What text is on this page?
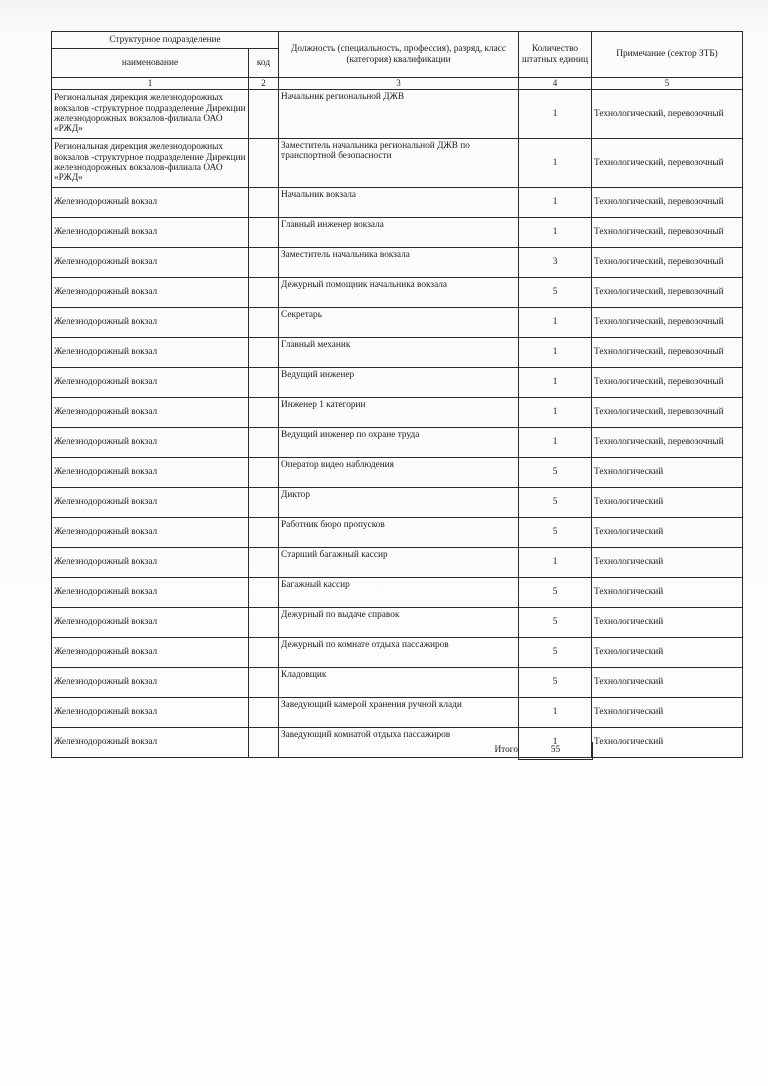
Структурное подразделение		Должность (специальность, профессия), разряд, класс (категория) квалификации	Количество штатных единиц	Примечание (сектор ЗТБ)
наименование	код			
1	2	3	4	5
Региональная дирекция железнодорожных вокзалов -структурное подразделение Дирекции железнодорожных вокзалов-филиала ОАО «РЖД»		Начальник региональной ДЖВ	1	Технологический, перевозочный
Региональная дирекция железнодорожных вокзалов -структурное подразделение Дирекции железнодорожных вокзалов-филиала ОАО «РЖД»		Заместитель начальника региональной ДЖВ по транспортной безопасности	1	Технологический, перевозочный
Железнодорожный вокзал		Начальник вокзала	1	Технологический, перевозочный
Железнодорожный вокзал		Главный инженер вокзала	1	Технологический, перевозочный
Железнодорожный вокзал		Заместитель начальника вокзала	3	Технологический, перевозочный
Железнодорожный вокзал		Дежурный помощник начальника вокзала	5	Технологический, перевозочный
Железнодорожный вокзал		Секретарь	1	Технологический, перевозочный
Железнодорожный вокзал		Главный механик	1	Технологический, перевозочный
Железнодорожный вокзал		Ведущий инженер	1	Технологический, перевозочный
Железнодорожный вокзал		Инженер 1 категории	1	Технологический, перевозочный
Железнодорожный вокзал		Ведущий инженер по охране труда	1	Технологический, перевозочный
Железнодорожный вокзал		Оператор видео наблюдения	5	Технологический
Железнодорожный вокзал		Диктор	5	Технологический
Железнодорожный вокзал		Работник бюро пропусков	5	Технологический
Железнодорожный вокзал		Старший багажный кассир	1	Технологический
Железнодорожный вокзал		Багажный кассир	5	Технологический
Железнодорожный вокзал		Дежурный по выдаче справок	5	Технологический
Железнодорожный вокзал		Дежурный по комнате отдыха пассажиров	5	Технологический
Железнодорожный вокзал		Кладовщик	5	Технологический
Железнодорожный вокзал		Заведующий камерой хранения ручной клади	1	Технологический
Железнодорожный вокзал		Заведующий комнатой отдыха пассажиров	1	Технологический
Итого	55
